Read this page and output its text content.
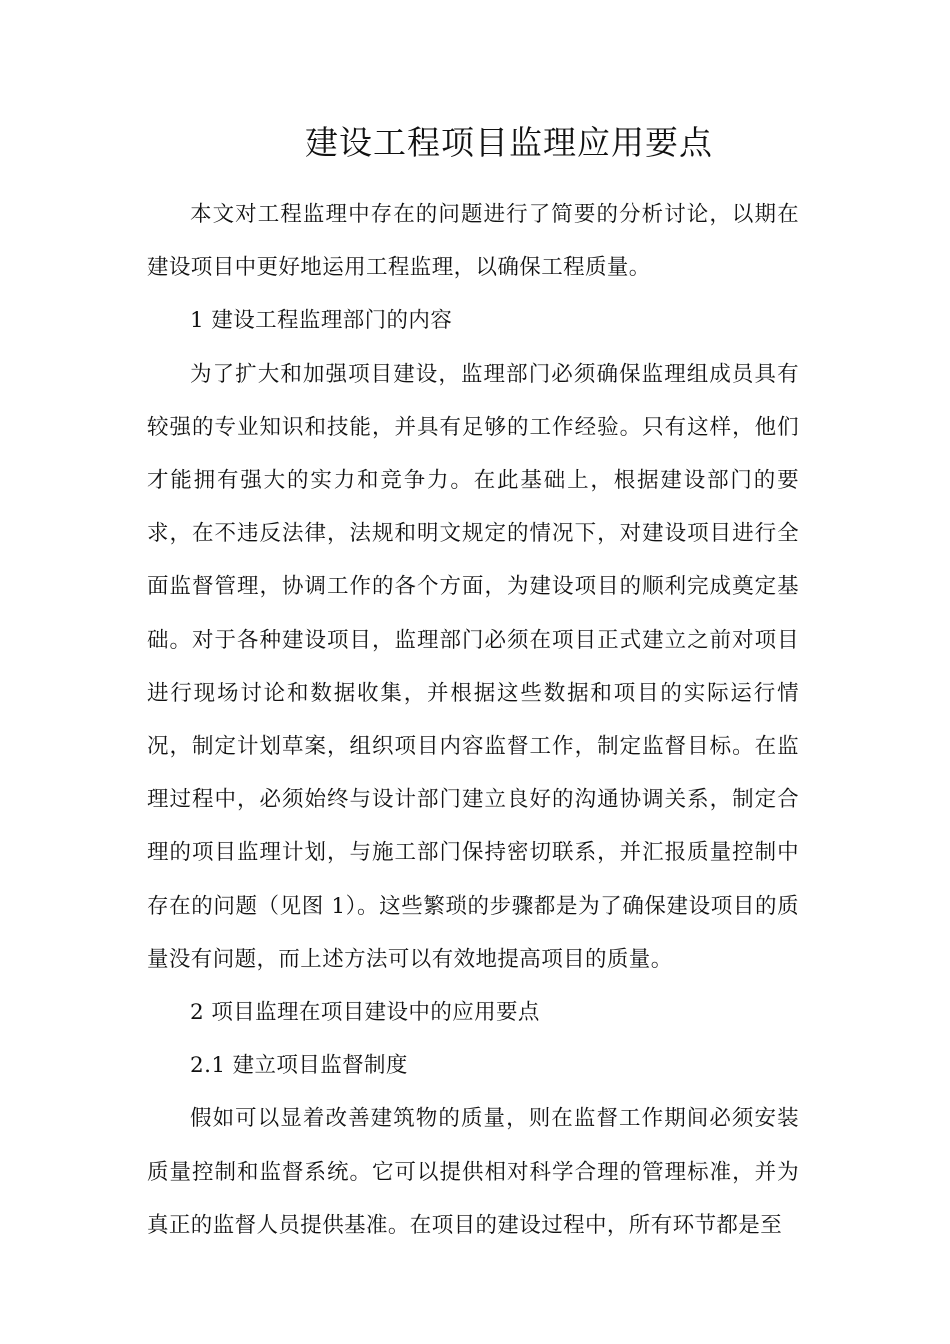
建设工程项目监理应用要点

本文对工程监理中存在的问题进行了简要的分析讨论，以期在建设项目中更好地运用工程监理，以确保工程质量。

1 建设工程监理部门的内容

为了扩大和加强项目建设，监理部门必须确保监理组成员具有较强的专业知识和技能，并具有足够的工作经验。只有这样，他们才能拥有强大的实力和竞争力。在此基础上，根据建设部门的要求，在不违反法律，法规和明文规定的情况下，对建设项目进行全面监督管理，协调工作的各个方面，为建设项目的顺利完成奠定基础。对于各种建设项目，监理部门必须在项目正式建立之前对项目进行现场讨论和数据收集，并根据这些数据和项目的实际运行情况，制定计划草案，组织项目内容监督工作，制定监督目标。在监理过程中，必须始终与设计部门建立良好的沟通协调关系，制定合理的项目监理计划，与施工部门保持密切联系，并汇报质量控制中存在的问题（见图 1）。这些繁琐的步骤都是为了确保建设项目的质量没有问题，而上述方法可以有效地提高项目的质量。

2 项目监理在项目建设中的应用要点

2.1 建立项目监督制度

假如可以显着改善建筑物的质量，则在监督工作期间必须安装质量控制和监督系统。它可以提供相对科学合理的管理标准，并为真正的监督人员提供基准。在项目的建设过程中，所有环节都是至
